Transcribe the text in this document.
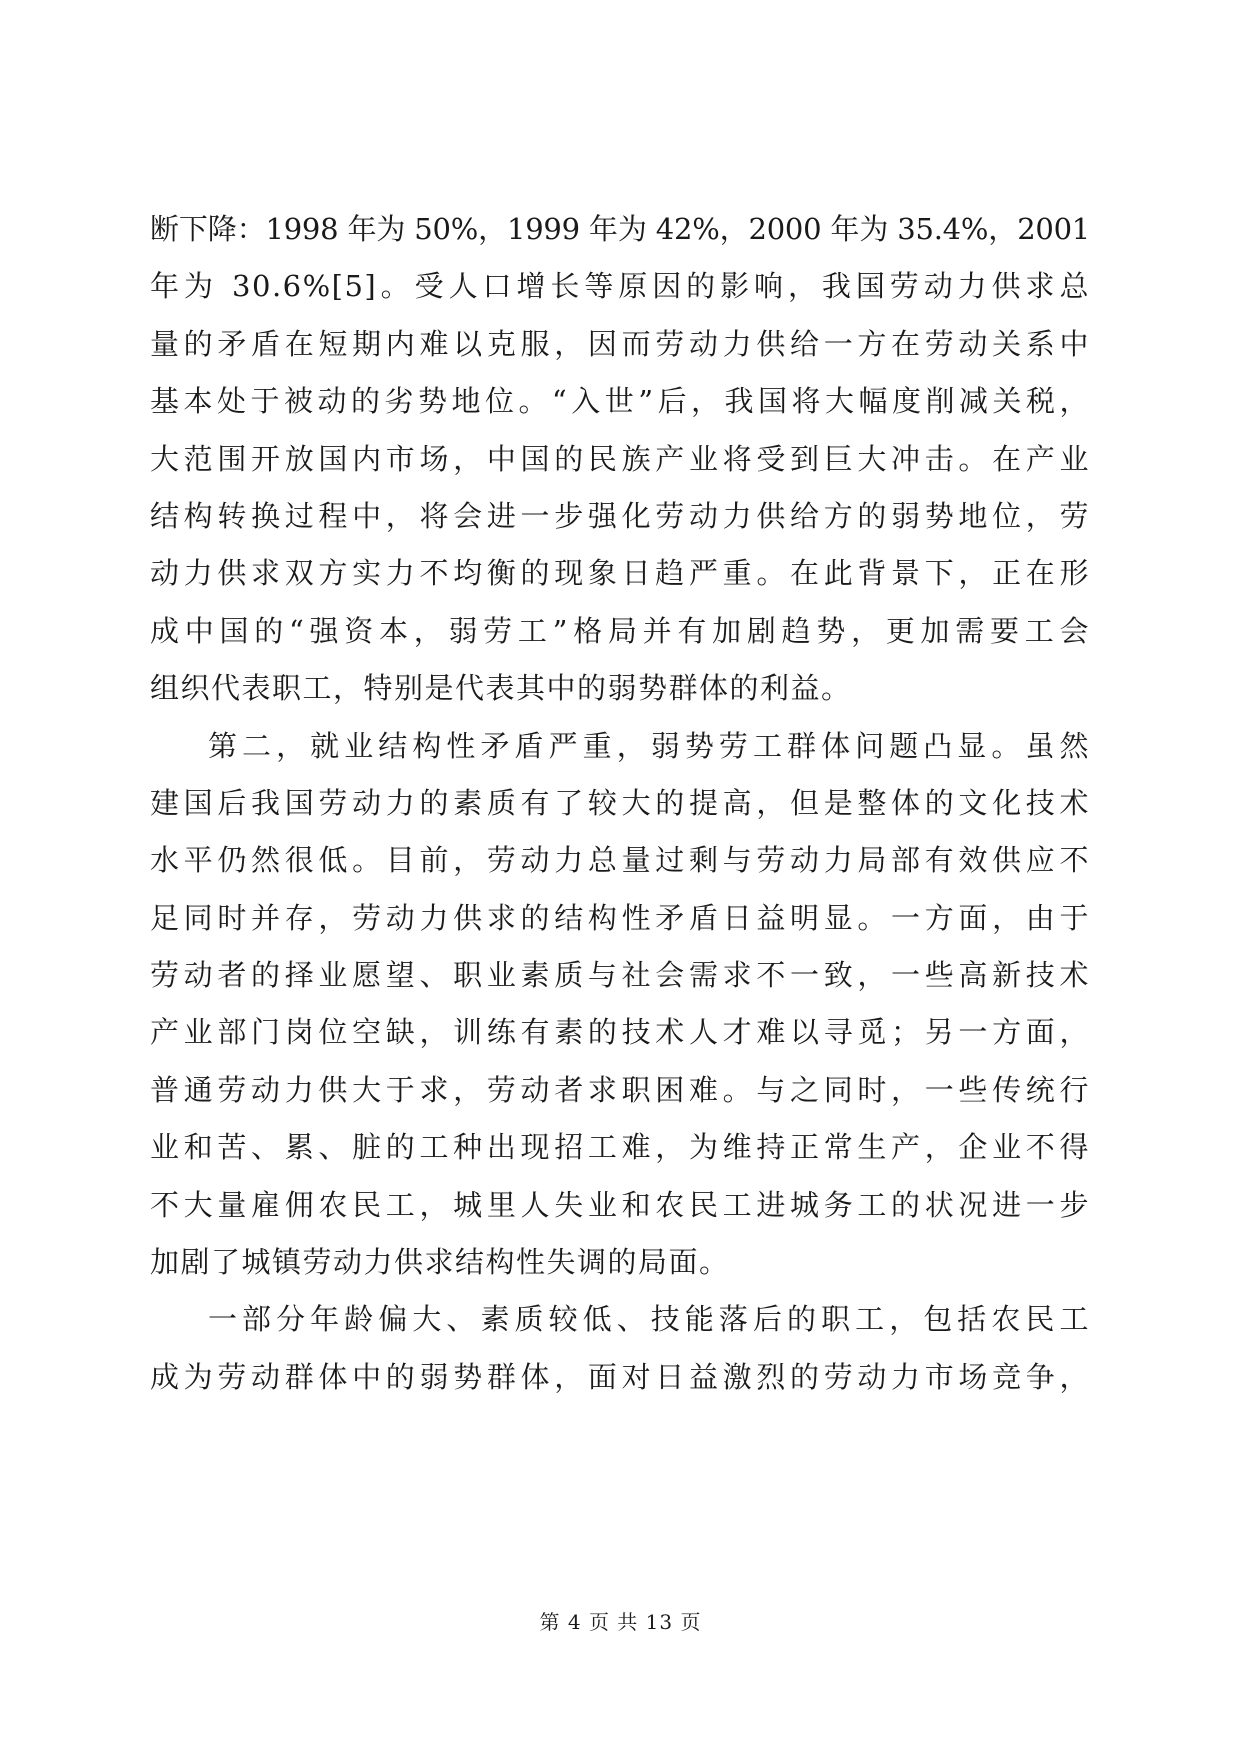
断下降：1998 年为 50%，1999 年为 42%，2000 年为 35.4%，2001
年为 30.6%[5]。受人口增长等原因的影响，我国劳动力供求总
量的矛盾在短期内难以克服，因而劳动力供给一方在劳动关系中
基本处于被动的劣势地位。“入世”后，我国将大幅度削减关税，
大范围开放国内市场，中国的民族产业将受到巨大冲击。在产业
结构转换过程中，将会进一步强化劳动力供给方的弱势地位，劳
动力供求双方实力不均衡的现象日趋严重。在此背景下，正在形
成中国的“强资本，弱劳工”格局并有加剧趋势，更加需要工会
组织代表职工，特别是代表其中的弱势群体的利益。
第二，就业结构性矛盾严重，弱势劳工群体问题凸显。虽然
建国后我国劳动力的素质有了较大的提高，但是整体的文化技术
水平仍然很低。目前，劳动力总量过剩与劳动力局部有效供应不
足同时并存，劳动力供求的结构性矛盾日益明显。一方面，由于
劳动者的择业愿望、职业素质与社会需求不一致，一些高新技术
产业部门岗位空缺，训练有素的技术人才难以寻觅；另一方面，
普通劳动力供大于求，劳动者求职困难。与之同时，一些传统行
业和苦、累、脏的工种出现招工难，为维持正常生产，企业不得
不大量雇佣农民工，城里人失业和农民工进城务工的状况进一步
加剧了城镇劳动力供求结构性失调的局面。
一部分年龄偏大、素质较低、技能落后的职工，包括农民工
成为劳动群体中的弱势群体，面对日益激烈的劳动力市场竞争，
第 4 页 共 13 页
